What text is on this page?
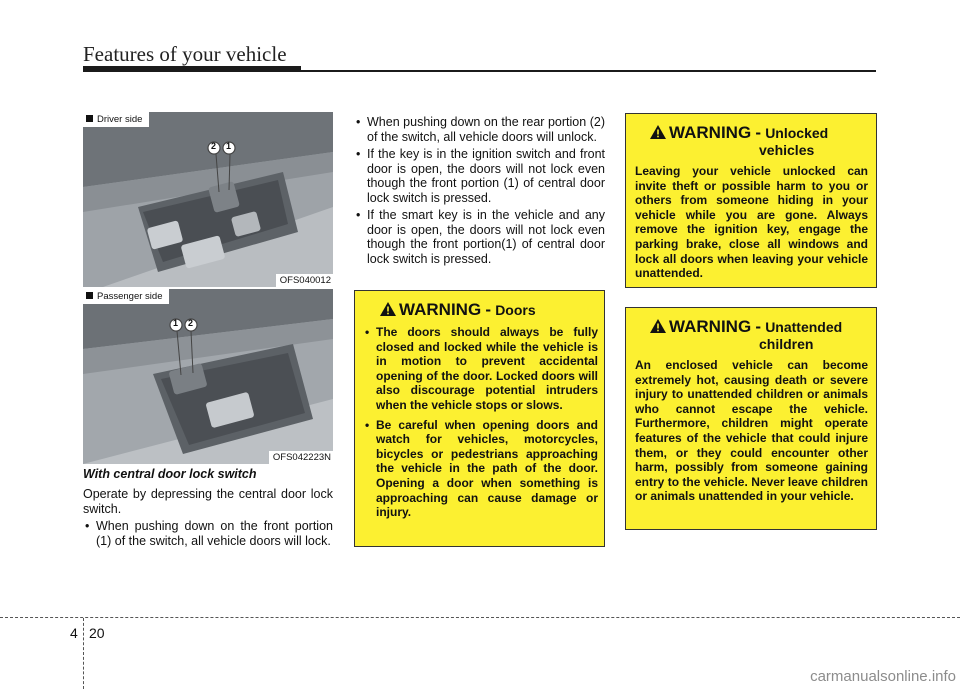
Features of your vehicle
Driver side
2 1
OFS040012
Passenger side
1 2
OFS042223N
With central door lock switch
Operate by depressing the central door lock switch.
• When pushing down on the front portion (1) of the switch, all vehicle doors will lock.
• When pushing down on the rear portion (2) of the switch, all vehicle doors will unlock.
• If the key is in the ignition switch and front door is open, the doors will not lock even though the front portion (1) of central door lock switch is pressed.
• If the smart key is in the vehicle and any door is open, the doors will not lock even though the front portion(1) of central door lock switch is pressed.
WARNING - Doors
• The doors should always be fully closed and locked while the vehicle is in motion to prevent accidental opening of the door. Locked doors will also discourage potential intruders when the vehicle stops or slows.
• Be careful when opening doors and watch for vehicles, motorcycles, bicycles or pedestrians approaching the vehicle in the path of the door. Opening a door when something is approaching can cause damage or injury.
WARNING - Unlocked
vehicles
Leaving your vehicle unlocked can invite theft or possible harm to you or others from someone hiding in your vehicle while you are gone. Always remove the ignition key, engage the parking brake, close all windows and lock all doors when leaving your vehicle unattended.
WARNING - Unattended
children
An enclosed vehicle can become extremely hot, causing death or severe injury to unattended children or animals who cannot escape the vehicle. Furthermore, children might operate features of the vehicle that could injure them, or they could encounter other harm, possibly from someone gaining entry to the vehicle. Never leave children or animals unattended in your vehicle.
4 20
carmanualsonline.info
